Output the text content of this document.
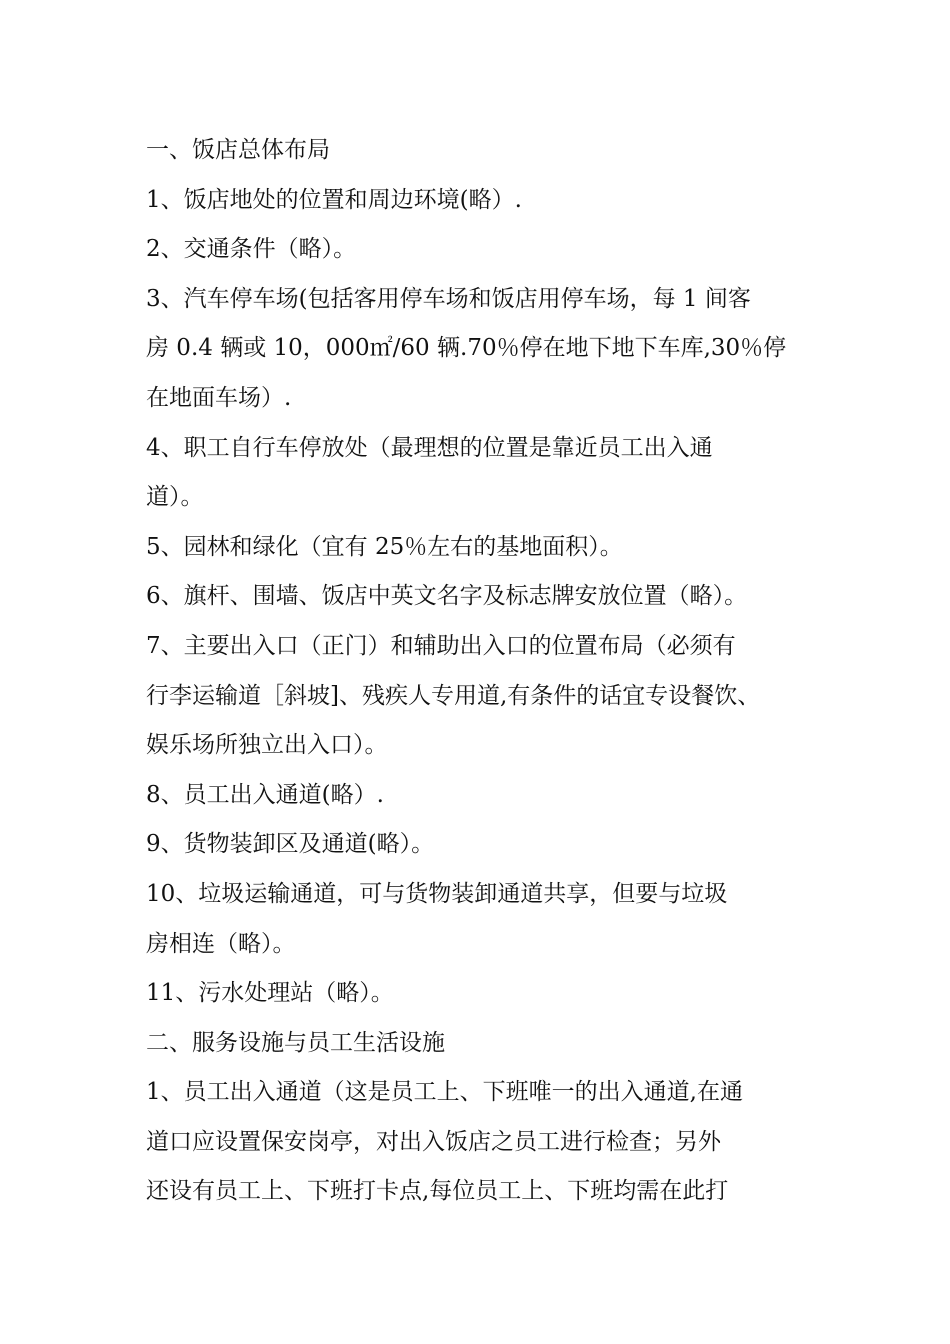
一、饭店总体布局

1、饭店地处的位置和周边环境(略）.

2、交通条件（略）。

3、汽车停车场(包括客用停车场和饭店用停车场，每 1 间客
房 0.4 辆或 10，000㎡/60 辆.70％停在地下地下车库,30％停
在地面车场）.

4、职工自行车停放处（最理想的位置是靠近员工出入通
道）。

5、园林和绿化（宜有 25％左右的基地面积）。

6、旗杆、围墙、饭店中英文名字及标志牌安放位置（略）。

7、主要出入口（正门）和辅助出入口的位置布局（必须有
行李运输道［斜坡]、残疾人专用道,有条件的话宜专设餐饮、
娱乐场所独立出入口）。

8、员工出入通道(略）.

9、货物装卸区及通道(略）。

10、垃圾运输通道，可与货物装卸通道共享，但要与垃圾
房相连（略）。

11、污水处理站（略）。

二、服务设施与员工生活设施

1、员工出入通道（这是员工上、下班唯一的出入通道,在通
道口应设置保安岗亭，对出入饭店之员工进行检查；另外
还设有员工上、下班打卡点,每位员工上、下班均需在此打
